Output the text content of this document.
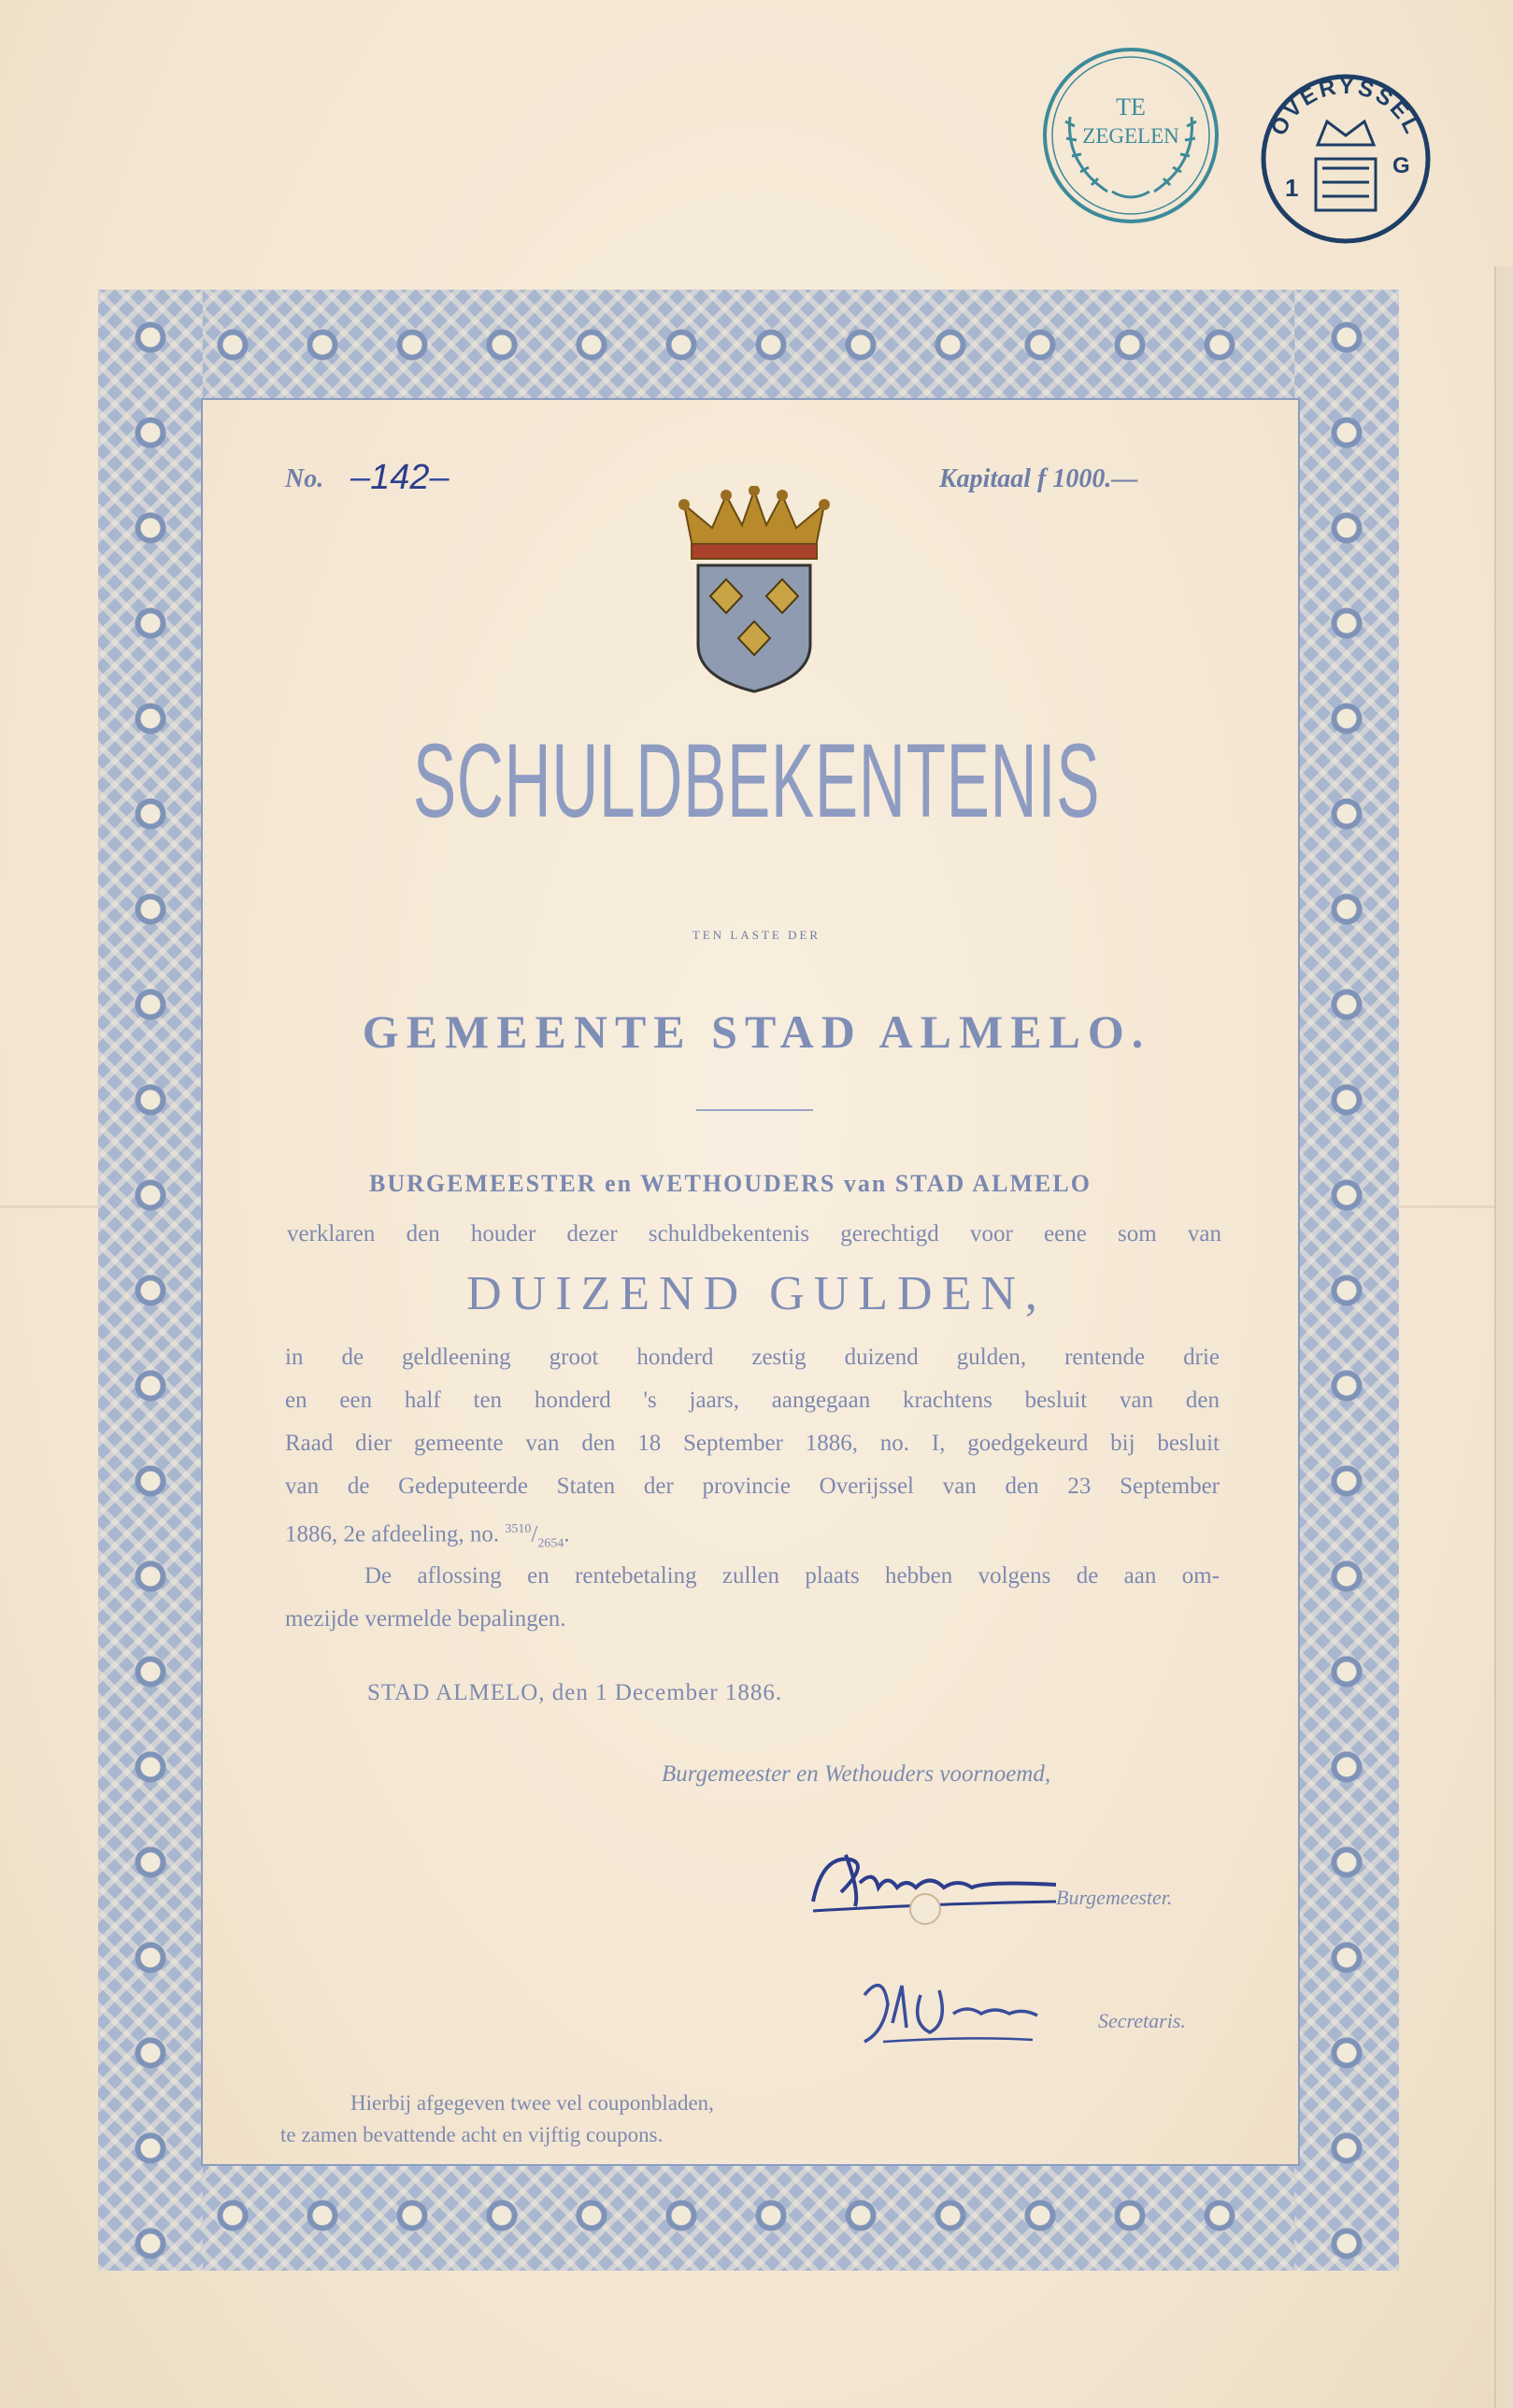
TE
ZEGELEN	OVERYSSEL
1
G
No. –142–	Kapitaal f 1000.—
SCHULDBEKENTENIS
TEN LASTE DER
GEMEENTE STAD ALMELO.
BURGEMEESTER en WETHOUDERS van STAD ALMELO
verklaren den houder dezer schuldbekentenis gerechtigd voor eene som van
DUIZEND GULDEN,

in de geldleening groot honderd zestig duizend gulden, rentende drie

en een half ten honderd 's jaars, aangegaan krachtens besluit van den

Raad dier gemeente van den 18 September 1886, no. I, goedgekeurd bij besluit

van de Gedeputeerde Staten der provincie Overijssel van den 23 September

1886, 2e afdeeling, no. $^{3510}/_{2654}$.

De aflossing en rentebetaling zullen plaats hebben volgens de aan om-

mezijde vermelde bepalingen.

STAD ALMELO, den 1 December 1886.
Burgemeester en Wethouders voornoemd,
Burgemeester.
Secretaris.

Hierbij afgegeven twee vel couponbladen,

te zamen bevattende acht en vijftig coupons.
